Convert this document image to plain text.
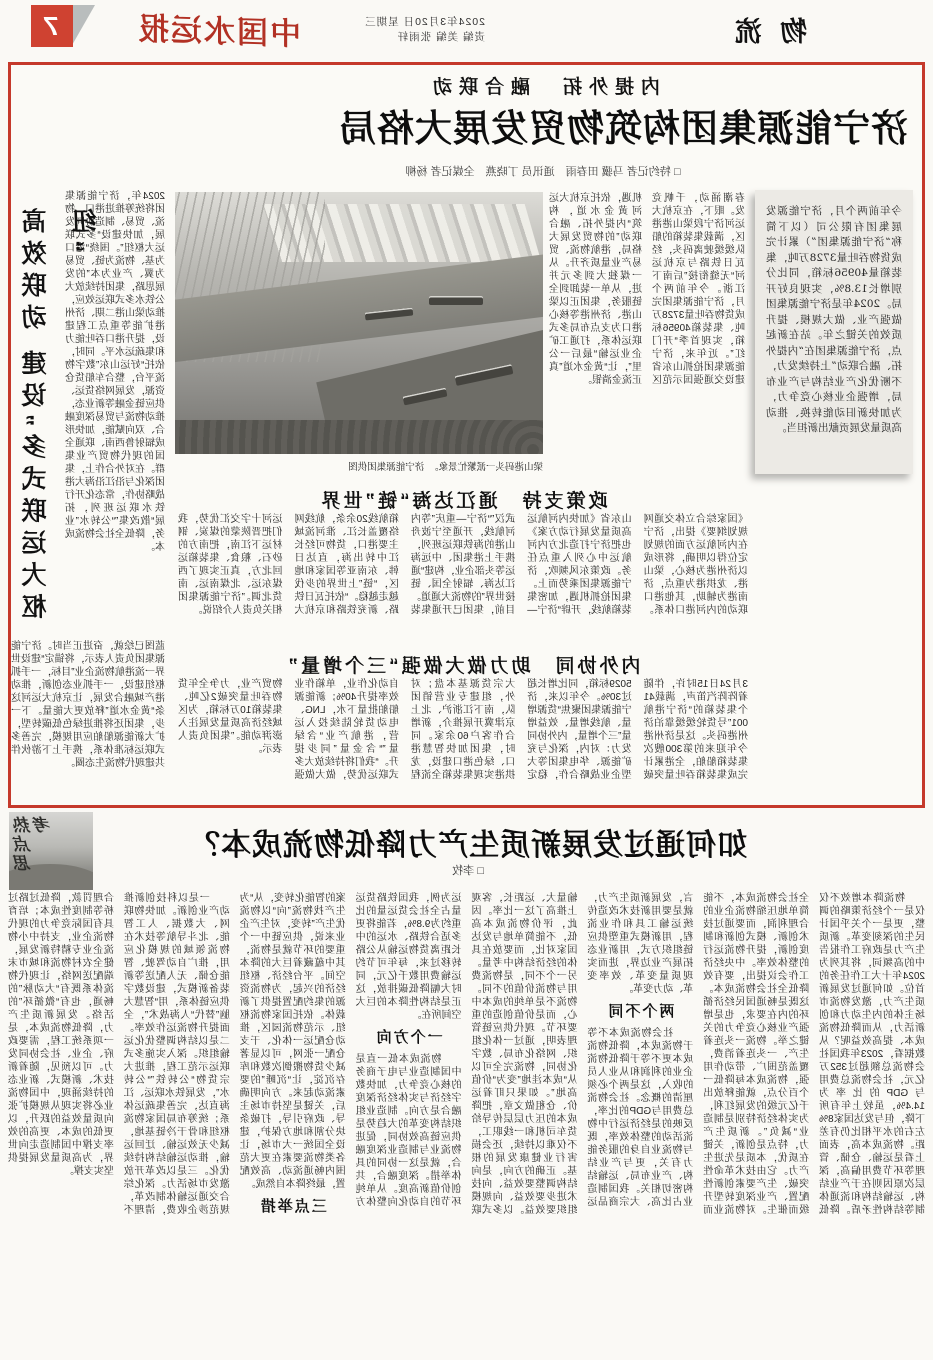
物流
2024年3月20日 星期三
责编 美编 张雨轩
中国水运报
7
内提外拓　融合联动
济宁能源集团构筑物贸发展大格局
□ 特约记者 马骥 田春雨　通讯员 丁晓燕　全媒记者 杨柳
今年前两个月，济宁能源发展集团有限公司（以下简称“济宁能源集团”）累计完成货物吞吐量3728万吨，集装箱量40956标箱，同比分别增长13.8%，实现良好开局。2024年是济宁能源集团做强产业、做大规模、提升质效的关键之年。站在新起点，济宁能源集团在“内提外拓、融合联动”上持续发力，不断优化产业结构与产业布局，增强企业核心竞争力，为加快新旧动能转换、推动高质量发展贡献出新担当。
春潮涌动，千帆竞发。眼下，在京杭大运河济宁段梁山港港区，满载集装箱的船队缓缓驶离码头，经瓦日铁路与京杭运河“无缝衔接”后南下江浙。今年前两个月，济宁能源集团完成货物吞吐量3728万吨、集装箱40956标箱，实现首季“开门红”。近年来，济宁能源集团抢抓山东省建设交通强国示范区机遇，依托京杭大运河黄金水道，构筑“内提外拓、融合联动”的物贸发展大格局，港航物流、贸易产业量质齐升。从一煤独大到多元并进，从单一装卸到全链服务，集团正以梁山港、济州港等核心港口为支点布局多式联运体系，打通工矿企业运输“最后一公里”，让“黄金水道”真正流金淌银。
梁山港码头一派繁忙景象。　济宁能源集团供图
政策支持　通江达海“链”世界
《国家综合立体交通网规划纲要》提出，济宁在内河航运方面的规划定位得以明确，将形成以济州港为核心，梁山港、龙拱港为重点，济南港为辅助，其他港口联动的内河港口体系。山东省《加快内河航运高质量发展行动方案》也把济宁打造北方内河航运中心列入重点任务。政策东风频吹，济宁能源集团乘势而上。集团抢抓机遇，加密集装箱航线，开辟“济宁—武汉”“济宁—重庆”等内河航线，开通至宁波舟山港的海铁联运班列，携手上港集团、中远海运等头部企业，构建“通江达海、辐射全国、链接世界”的物流大通道。目前，集团已开通集装箱航线20余条，航线网络覆盖长江、淮河流域主要港口，货物可经长江中转出海，直达日韩、东南亚等国家和地区，“链”上世界的步伐越走越稳。“依托瓦日铁路、新兖铁路和京杭大运河十字交汇优势，我们把晋陕蒙的煤炭、钢材运下江南，把南方的砂石、粮食、集装箱运回北方，真正实现了西煤东运、北煤南运、南货北调。”济宁能源集团相关负责人介绍说。
内外协同　助力做大做强“三个增量”
3月24日15时许，伴随着阵阵汽笛声，满载41个集装箱的“济宁港航001”号货轮缓缓靠泊济州港码头。这是济州港今年迎来的第300艘次集装箱船舶，全港累计完成集装箱吞吐量突破5029标箱，同比增长超过30%。今年以来，济宁能源集团聚焦“货源增量、航线增量、效益增量”三个增量，内外协同发力：对内，深化与兖矿能源、华电集团等大型企业战略合作，稳定大宗货源基本盘；对外，组建专业营销团队，南下江浙沪、北上京津冀开展推介，新增合作客户60余家。同时，集团加快智慧港口、绿色港口建设，龙拱港实现集装箱全流程自动化作业，单箱作业效率提升40%；新能源船舶批量下水，LNG、电动货轮陆续投入运营，港航产业“含绿量”“含金量”同步提升。“我们将持续放大多式联运优势，做大做强物贸产业，力争全年货物吞吐量突破2亿吨、集装箱10万标箱，为区域经济高质量发展注入澎湃动能。”集团负责人表示。
2024年，济宁能源集团将统筹推进港口、物流、贸易、制造协同发展，加快建设“多式联运大枢纽”。围绕“港口为基、物流为链、贸易为翼、产业为本”的发展思路，集团持续放大公铁水多式联运效应，推动梁山港二期、济州港扩能等重点工程建设，提升港口吞吐能力和集疏运水平。同时，依托“好运山东”数字物流平台，整合车船货仓资源，发展网络货运、供应链金融等新业态，推动物流与贸易深度融合、双向赋能，加快形成辐射鲁西南、联通全国的现代物贸产业集群。在对外合作上，集团深化与沿江沿海大港战略协作，常态化开行铁水联运班列，拓展“散改集”“公转水”业务，降低全社会物流成本。
高效联动 建设“多式联运大枢纽”
蓝图已绘就，奋进正当时。济宁能源集团负责人表示，将锚定“建设世界一流港航物流企业”目标，一手抓枢纽建设，一手抓业态创新，推动港产城融合发展，让京杭大运河这条“黄金水道”释放更大能量。下一步，集团还将推进绿色低碳转型，扩大新能源船舶应用规模，完善多式联运标准体系，携手上下游伙伴共建现代物流生态圈。
如何通过发展新质生产力降低物流成本？
□ 李牧
热点思考

物流降本增效不仅仅是一个经济策略的调整，更是一个关乎国计民生的深刻变革。新质生产力是政府工作报告中的高频词，将其列为2024年十大工作任务的首位。如何通过发展新质生产力，激发物流市场主体的内生动力和创新活力，从而降低物流成本、提高效益呢？从数据看，2023年我国社会物流总额超过352万亿元，社会物流总费用与GDP的比率为14.4%，虽较上年有所下降，但与发达国家8%左右的水平相比仍有差距。物流成本高，表面上看是运输、仓储、管理等环节费用偏高，深层次原因则在于产业结构、运输结构和流通体制等结构性矛盾。降低全社会物流成本，不能简单地压缩物流企业的合理利润，而要通过技术创新、模式创新和制度创新，提升物流运行的整体效率。中央经济工作会议提出，要有效降低全社会物流成本。这既是畅通国民经济循环的内在要求，也是增强产业核心竞争力的关键之举。物流一头连着生产、一头连着消费，覆盖范围广、带动作用强，物流成本每降低一个百分点，就能释放出千亿元级的发展红利，为实体经济特别是制造业“减负”。新质生产力，特点是创新，关键在质优，本质是先进生产力。它由技术革命性突破、生产要素创新性配置、产业深度转型升级而催生。对物流业而言，发展新质生产力，就是要用新技术改造传统运输工具和作业流程，用新模式重塑供应链组织方式，用新业态拓展产业边界，进而实现质量变革、效率变革、动力变革。

两个不同

社会物流成本不等于物流成本，降低物流成本更不等于降低物流企业的利润和从业人员的收入，这是两个必须厘清的概念。社会物流总费用与GDP的比率，反映的是经济运行中物流活动的整体效率，既与物流业自身的服务能力有关，更与产业结构、产业布局、运输结构密切相关。我国制造业占比高、大宗商品运输量大、运距长，客观上推高了这一比率。因此，评价物流成本高低，不能简单地与发达国家对比，而要放在具体的经济结构中考量。另一个不同，是物流费用与物流价值的不同。物流不是单纯的成本中心，而是价值创造的重要环节。现代供应链管理表明，通过一体化组织、网络化布局、数字化协同，物流完全可以从“成本洼地”变为“价值高地”。如果只盯着运价、仓租做文章，把降成本的压力层层传导给货车司机和一线职工，不仅难以持续，还会损害行业健康发展的根基。正确的方向，是向结构调整要效益、向技术进步要效益、向规模组织要效益。以多式联运为例，我国铁路货运量占全社会货运量的比重约为9.8%，若能将更多适合铁路、水运的中长距离货物运输从公路转移过来，每年可节约运输费用数千亿元，同时大幅降低碳排放，这正是结构性降本的巨大空间所在。

一个方向

物流成本低一直是中国制造业与电子商务的核心竞争力，加快数字经济与实体经济深度融合是方向。制造业组织结构变革的大趋势是供应链高效协同，促进物流业与制造业深度融合，就是这一协同的具体举措。深度融合，共创价值新高度。从单纯环节的自动化向整体方案的智能化转变，从“为生产找物流”向“以物流优生产”转变，对生产企业来说，供应链中一个重要的环节就是物流，其中蕴藏着巨大的降本空间。平台经济、枢纽经济的兴起，为物流资源的集约配置提供了新载体。依托国家物流枢纽、示范物流园区，推动仓配运一体化、干支仓配一张网，可以显著减少货物搬倒次数和库存沉淀，让“沉睡”的要素流动起来。方向明确后，关键是坚持市场主导、政府引导，打破条块分割和地方保护，建设全国统一大市场，让各类物流要素在更大范围内畅通流动、高效配置，最终降本自然成。

三点举措

一是以科技创新推动产业创新。加快物联网、大数据、人工智能、北斗导航等技术在物流领域的规模化应用，推广自动驾驶、智能仓储、无人配送等新装备新模式，建设数字供应链体系，用“智慧大脑”替代“人海战术”，全面提升物流运作效率。二是以结构调整优化运输组织。深入实施多式联运示范工程，推进大宗货物“公转铁”“公转水”，发展铁水联运、江海直达，完善集疏运体系；统筹布局国家物流枢纽和骨干冷链基地，减少无效运输、迂回运输，推动运输结构持续优化。三是以改革开放激发市场活力。深化综合交通运输体制改革，规范涉企收费，清理不合理罚款，降低过路过桥等制度性成本；培育具有国际竞争力的现代物流企业，支持中小物流企业专精特新发展，健全农村物流和城市末端配送网络，让现代物流体系既有“大动脉”的畅通，也有“微循环”的活络。发展新质生产力，降低物流成本，是一项系统工程，需要政府、企业、社会协同发力。可以预见，随着新技术、新模式、新业态的持续涌现，中国物流业必将实现从规模扩张向质量效益的跃升，以更低的成本、更高的效率支撑中国制造走向世界，为高质量发展提供坚实支撑。
